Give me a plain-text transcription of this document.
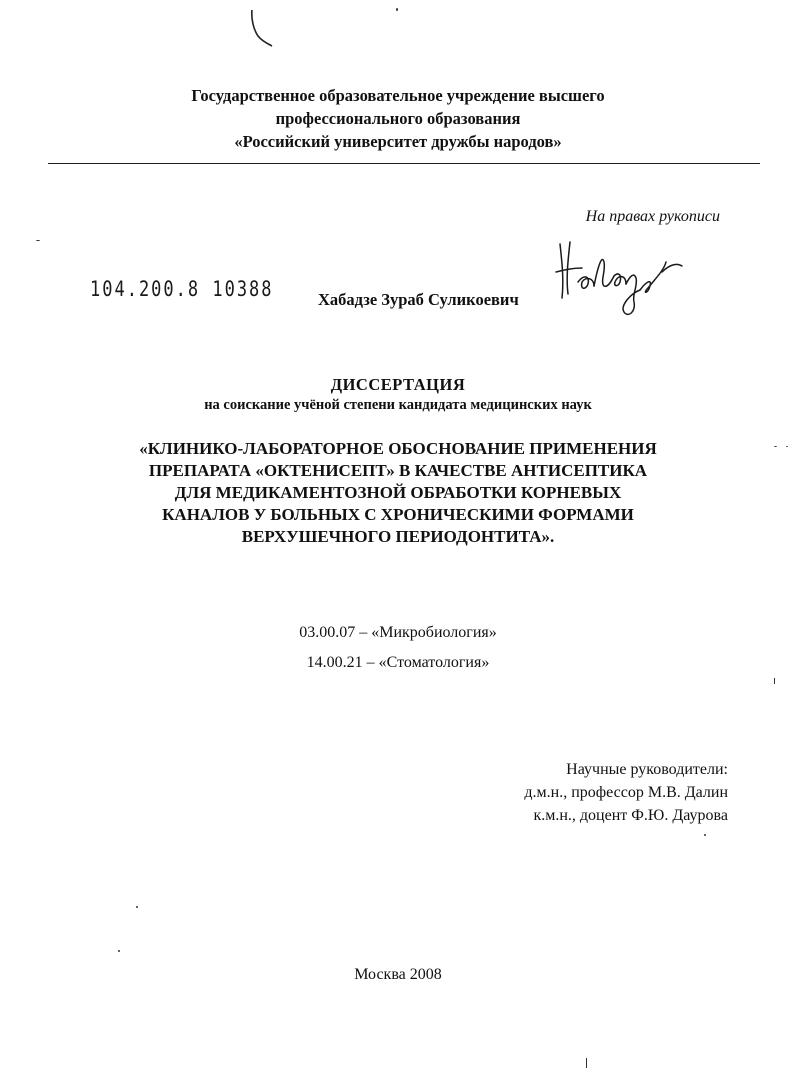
Государственное образовательное учреждение высшего
профессионального образования
«Российский университет дружбы народов»
На правах рукописи
104.200.8 10388	Хабадзе Зураб Суликоевич
ДИССЕРТАЦИЯ
на соискание учёной степени кандидата медицинских наук
«КЛИНИКО-ЛАБОРАТОРНОЕ ОБОСНОВАНИЕ ПРИМЕНЕНИЯ
ПРЕПАРАТА «ОКТЕНИСЕПТ» В КАЧЕСТВЕ АНТИСЕПТИКА
ДЛЯ МЕДИКАМЕНТОЗНОЙ ОБРАБОТКИ КОРНЕВЫХ
КАНАЛОВ У БОЛЬНЫХ С ХРОНИЧЕСКИМИ ФОРМАМИ
ВЕРХУШЕЧНОГО ПЕРИОДОНТИТА».
03.00.07 – «Микробиология»
14.00.21 – «Стоматология»
Научные руководители:
д.м.н., профессор М.В. Далин
к.м.н., доцент Ф.Ю. Даурова
Москва 2008
